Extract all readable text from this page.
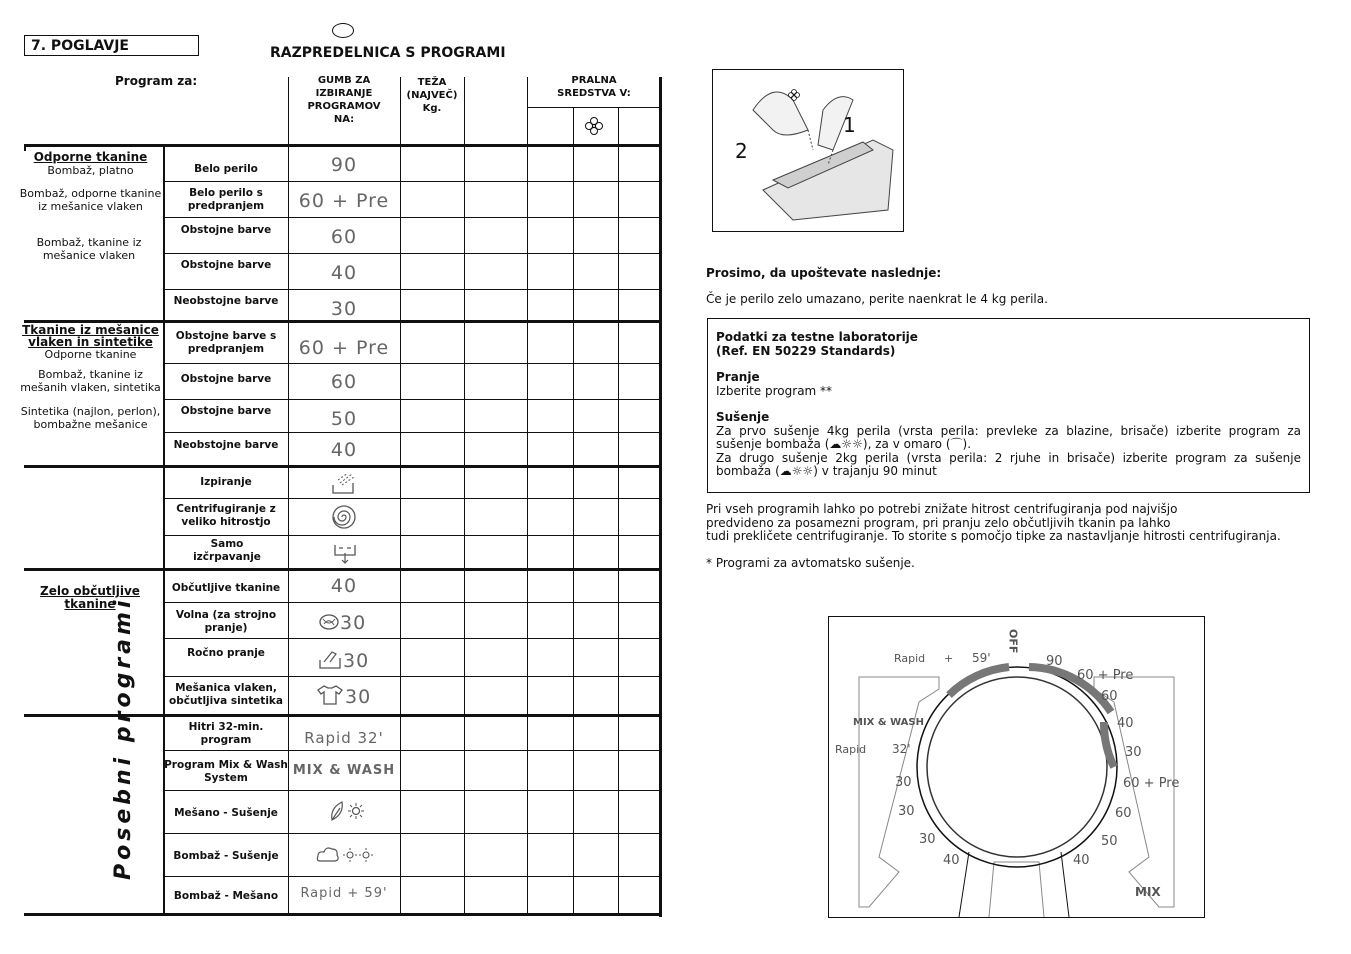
7. POGLAVJE	RAZPREDELNICA S PROGRAMI
Program za:	GUMB ZA
IZBIRANJE
PROGRAMOV
NA:
TEŽA
(NAJVEČ)
Kg.
PRALNA
SREDSTVA V:
Odporne tkanine
Bombaž, platno
Bombaž, odporne tkanine iz mešanice vlaken
Bombaž, tkanine iz mešanice vlaken
Tkanine iz mešanice vlaken in sintetike
Odporne tkanine
Bombaž, tkanine iz mešanih vlaken, sintetika
Sintetika (najlon, perlon), bombažne mešanice
Zelo občutljive tkanine
Posebni programi
Belo perilo
Belo perilo s predpranjem
Obstojne barve
Obstojne barve
Neobstojne barve
Obstojne barve s predpranjem
Obstojne barve
Obstojne barve
Neobstojne barve
Izpiranje
Centrifugiranje z veliko hitrostjo
Samo izčrpavanje
Občutljive tkanine
Volna (za strojno pranje)
Ročno pranje
Mešanica vlaken, občutljiva sintetika
Hitri 32-min. program
Program Mix & Wash System
Mešano - Sušenje
Bombaž - Sušenje
Bombaž - Mešano
90
60 + Pre
60
40
30
60 + Pre
60
50
40
40
30
30
30
Rapid 32'
MIX & WASH
Rapid + 59'
1
2
Prosimo, da upoštevate naslednje:
Če je perilo zelo umazano, perite naenkrat le 4 kg perila.
Podatki za testne laboratorije
(Ref. EN 50229 Standards)
Pranje
Izberite program **
Sušenje
Za prvo sušenje 4kg perila (vrsta perila: prevleke za blazine, brisače) izberite program za sušenje bombaža (☁☼☼), za v omaro (⌒).
Za drugo sušenje 2kg perila (vrsta perila: 2 rjuhe in brisače) izberite program za sušenje bombaža (☁☼☼) v trajanju 90 minut
Pri vseh programih lahko po potrebi znižate hitrost centrifugiranja pod najvišjo
predvideno za posamezni program, pri pranju zelo občutljivih tkanin pa lahko
tudi prekličete centrifugiranje. To storite s pomočjo tipke za nastavljanje hitrosti centrifugiranja.
* Programi za avtomatsko sušenje.
OFF
90
60 + Pre
60
40
30
60 + Pre
60
50
40
Rapid + 59'
MIX & WASH
Rapid 32'
30
30
30
40
MIX
